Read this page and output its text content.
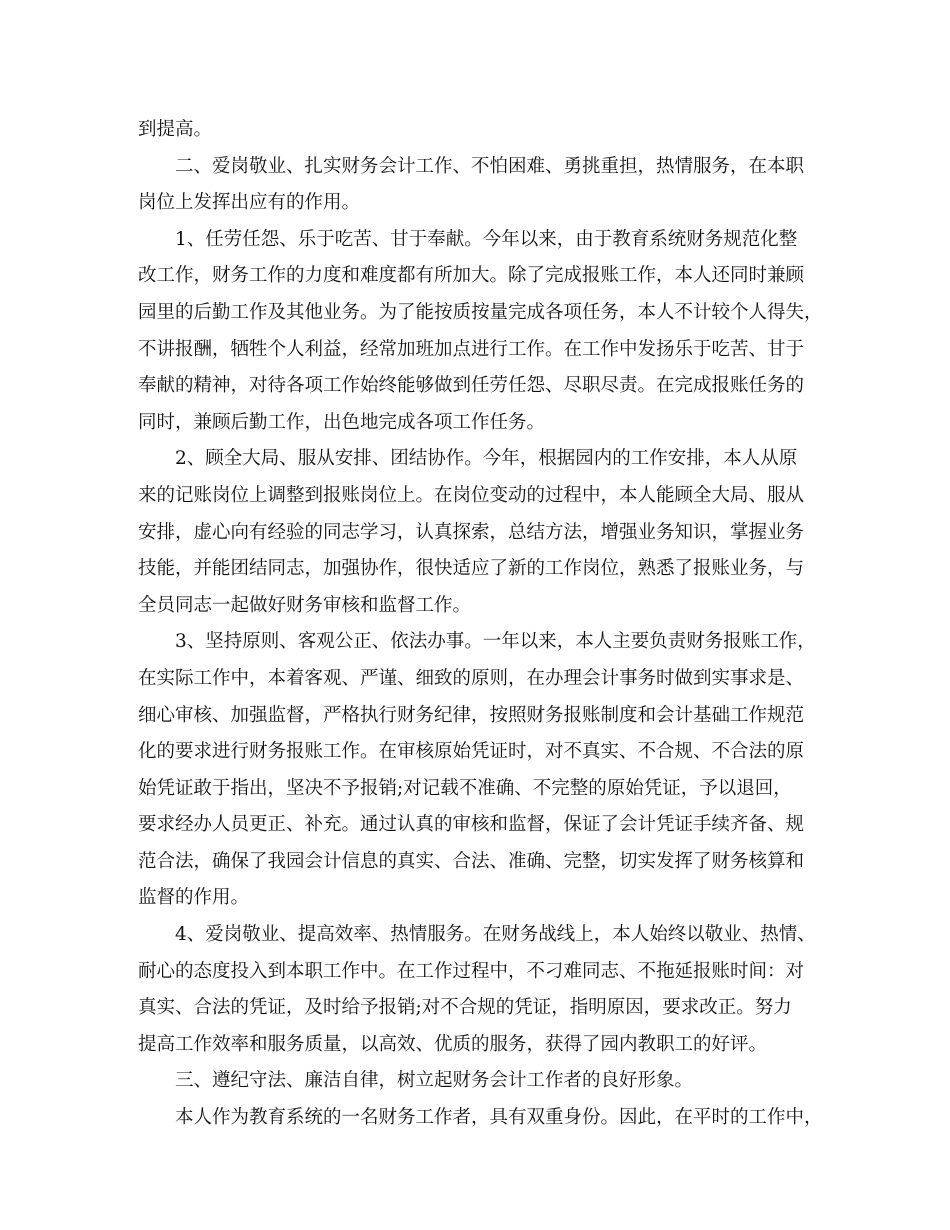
到提高。
二、爱岗敬业、扎实财务会计工作、不怕困难、勇挑重担，热情服务，在本职
岗位上发挥出应有的作用。
1、任劳任怨、乐于吃苦、甘于奉献。今年以来，由于教育系统财务规范化整
改工作，财务工作的力度和难度都有所加大。除了完成报账工作，本人还同时兼顾
园里的后勤工作及其他业务。为了能按质按量完成各项任务，本人不计较个人得失，
不讲报酬，牺牲个人利益，经常加班加点进行工作。在工作中发扬乐于吃苦、甘于
奉献的精神，对待各项工作始终能够做到任劳任怨、尽职尽责。在完成报账任务的
同时，兼顾后勤工作，出色地完成各项工作任务。
2、顾全大局、服从安排、团结协作。今年，根据园内的工作安排，本人从原
来的记账岗位上调整到报账岗位上。在岗位变动的过程中，本人能顾全大局、服从
安排，虚心向有经验的同志学习，认真探索，总结方法，增强业务知识，掌握业务
技能，并能团结同志，加强协作，很快适应了新的工作岗位，熟悉了报账业务，与
全员同志一起做好财务审核和监督工作。
3、坚持原则、客观公正、依法办事。一年以来，本人主要负责财务报账工作，
在实际工作中，本着客观、严谨、细致的原则，在办理会计事务时做到实事求是、
细心审核、加强监督，严格执行财务纪律，按照财务报账制度和会计基础工作规范
化的要求进行财务报账工作。在审核原始凭证时，对不真实、不合规、不合法的原
始凭证敢于指出，坚决不予报销;对记载不准确、不完整的原始凭证，予以退回，
要求经办人员更正、补充。通过认真的审核和监督，保证了会计凭证手续齐备、规
范合法，确保了我园会计信息的真实、合法、准确、完整，切实发挥了财务核算和
监督的作用。
4、爱岗敬业、提高效率、热情服务。在财务战线上，本人始终以敬业、热情、
耐心的态度投入到本职工作中。在工作过程中，不刁难同志、不拖延报账时间：对
真实、合法的凭证，及时给予报销;对不合规的凭证，指明原因，要求改正。努力
提高工作效率和服务质量，以高效、优质的服务，获得了园内教职工的好评。
三、遵纪守法、廉洁自律，树立起财务会计工作者的良好形象。
本人作为教育系统的一名财务工作者，具有双重身份。因此，在平时的工作中，
